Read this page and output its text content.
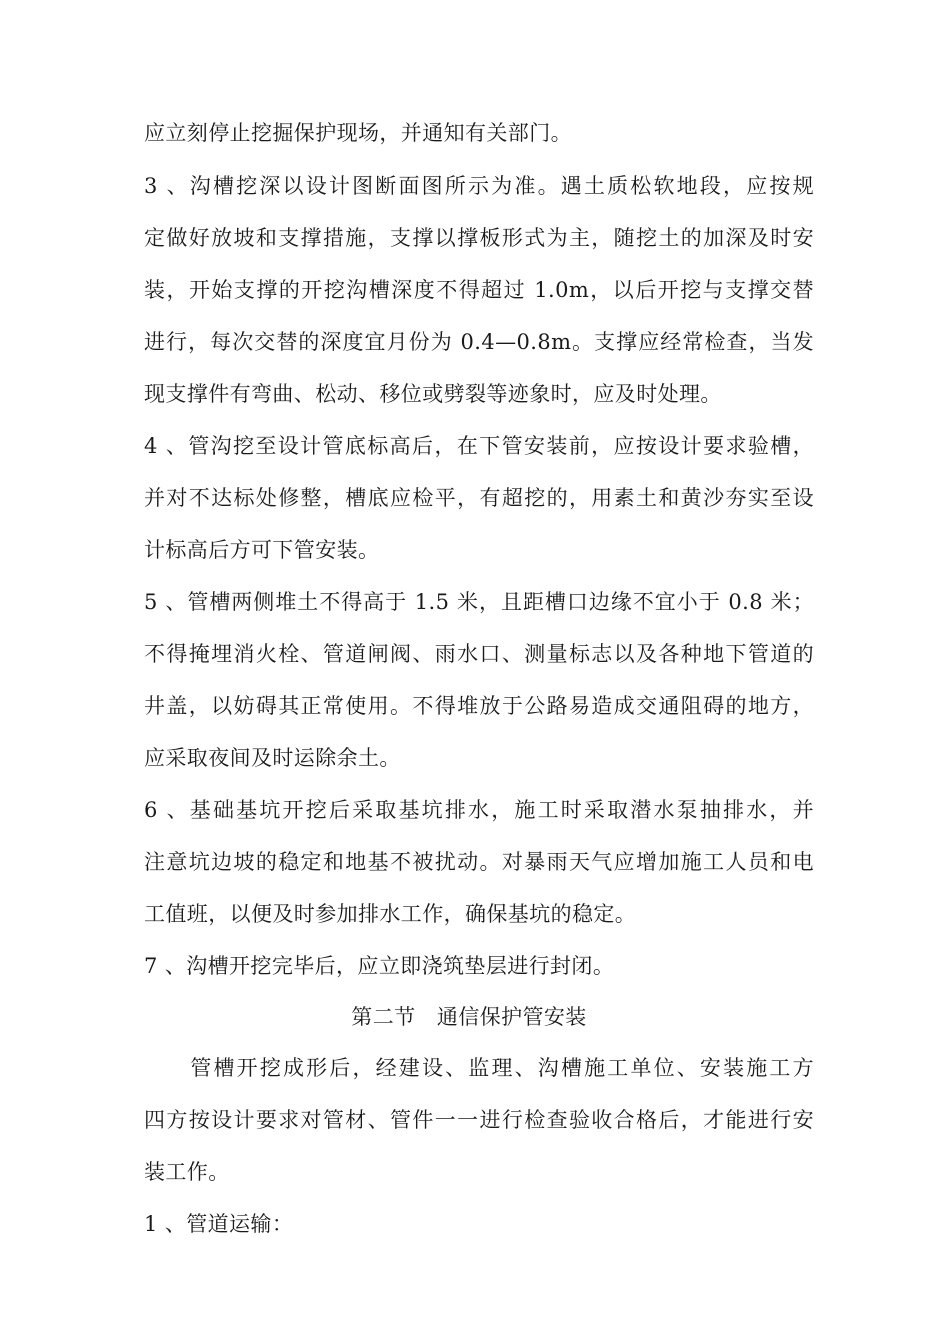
应立刻停止挖掘保护现场，并通知有关部门。
3 、沟槽挖深以设计图断面图所示为准。遇土质松软地段，应按规
定做好放坡和支撑措施，支撑以撑板形式为主，随挖土的加深及时安
装，开始支撑的开挖沟槽深度不得超过 1.0m，以后开挖与支撑交替
进行，每次交替的深度宜月份为 0.4—0.8m。支撑应经常检查，当发
现支撑件有弯曲、松动、移位或劈裂等迹象时，应及时处理。
4 、管沟挖至设计管底标高后，在下管安装前，应按设计要求验槽，
并对不达标处修整，槽底应检平，有超挖的，用素土和黄沙夯实至设
计标高后方可下管安装。
5 、管槽两侧堆土不得高于 1.5 米，且距槽口边缘不宜小于 0.8 米；
不得掩埋消火栓、管道闸阀、雨水口、测量标志以及各种地下管道的
井盖，以妨碍其正常使用。不得堆放于公路易造成交通阻碍的地方，
应采取夜间及时运除余土。
6 、基础基坑开挖后采取基坑排水，施工时采取潜水泵抽排水，并
注意坑边坡的稳定和地基不被扰动。对暴雨天气应增加施工人员和电
工值班，以便及时参加排水工作，确保基坑的稳定。
7 、沟槽开挖完毕后，应立即浇筑垫层进行封闭。
第二节　通信保护管安装
　　管槽开挖成形后，经建设、监理、沟槽施工单位、安装施工方
四方按设计要求对管材、管件一一进行检查验收合格后，才能进行安
装工作。
1 、管道运输：
